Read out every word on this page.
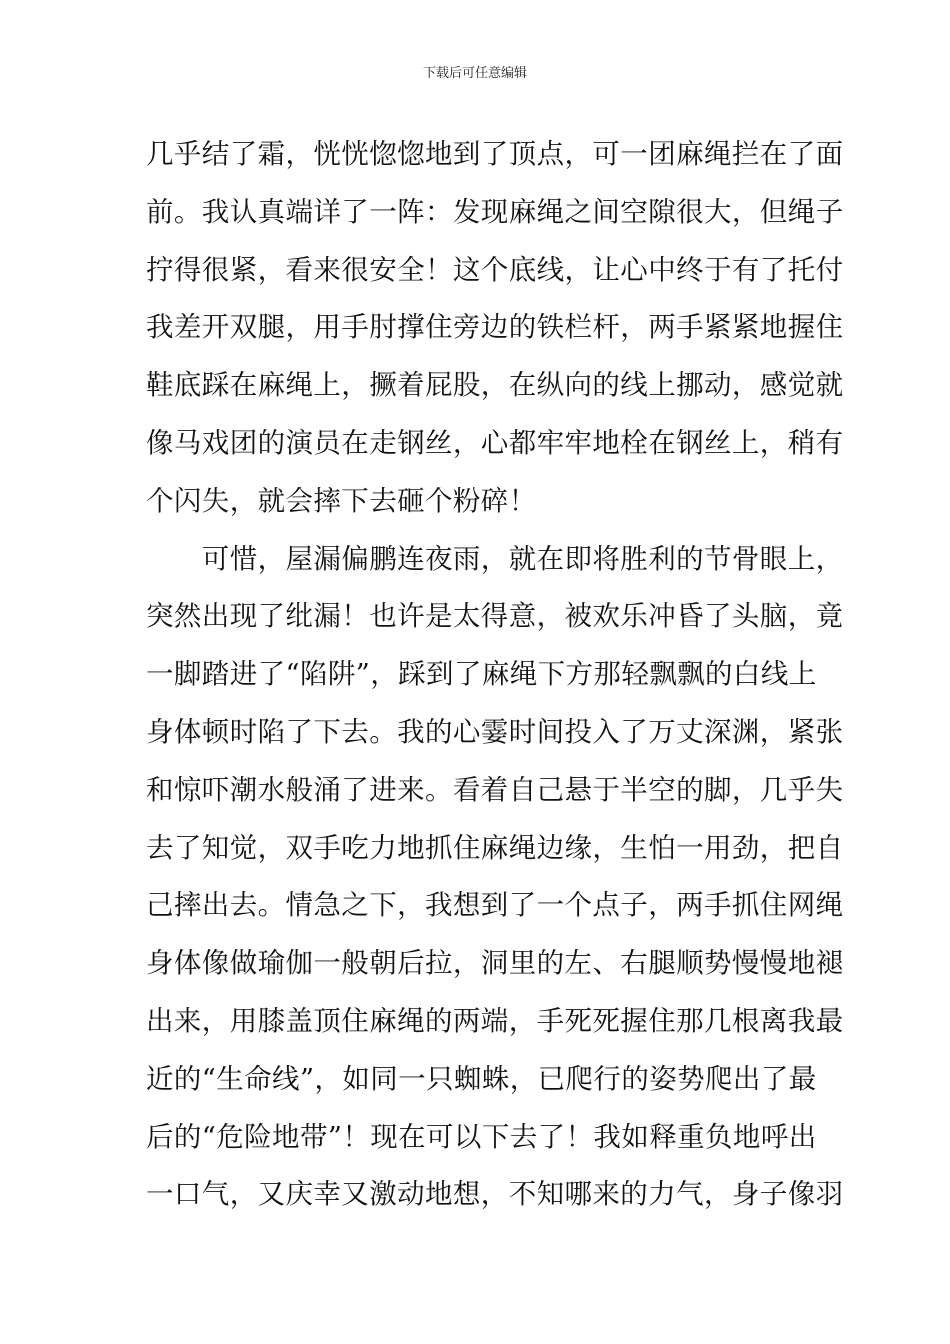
下载后可任意编辑
几乎结了霜，恍恍惚惚地到了顶点，可一团麻绳拦在了面
前。我认真端详了一阵：发现麻绳之间空隙很大，但绳子
拧得很紧，看来很安全！这个底线，让心中终于有了托付
我差开双腿，用手肘撑住旁边的铁栏杆，两手紧紧地握住
鞋底踩在麻绳上，撅着屁股，在纵向的线上挪动，感觉就
像马戏团的演员在走钢丝，心都牢牢地栓在钢丝上，稍有
个闪失，就会摔下去砸个粉碎！
　　可惜，屋漏偏鹏连夜雨，就在即将胜利的节骨眼上，
突然出现了纰漏！也许是太得意，被欢乐冲昏了头脑，竟
一脚踏进了“陷阱”，踩到了麻绳下方那轻飘飘的白线上
身体顿时陷了下去。我的心霎时间投入了万丈深渊，紧张
和惊吓潮水般涌了进来。看着自己悬于半空的脚，几乎失
去了知觉，双手吃力地抓住麻绳边缘，生怕一用劲，把自
己摔出去。情急之下，我想到了一个点子，两手抓住网绳
身体像做瑜伽一般朝后拉，洞里的左、右腿顺势慢慢地褪
出来，用膝盖顶住麻绳的两端，手死死握住那几根离我最
近的“生命线”，如同一只蜘蛛，已爬行的姿势爬出了最
后的“危险地带”！现在可以下去了！我如释重负地呼出
一口气，又庆幸又激动地想，不知哪来的力气，身子像羽
